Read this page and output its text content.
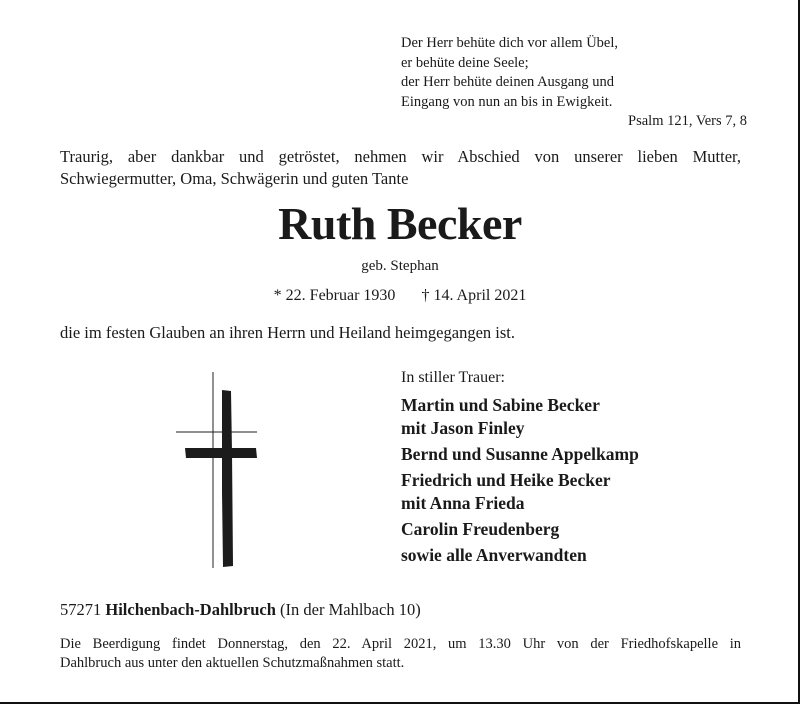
Der Herr behüte dich vor allem Übel,
er behüte deine Seele;
der Herr behüte deinen Ausgang und
Eingang von nun an bis in Ewigkeit.
Psalm 121, Vers 7, 8
Traurig, aber dankbar und getröstet, nehmen wir Abschied von unserer lieben Mutter,
Schwiegermutter, Oma, Schwägerin und guten Tante
Ruth Becker
geb. Stephan
* 22. Februar 1930 † 14. April 2021
die im festen Glauben an ihren Herrn und Heiland heimgegangen ist.
In stiller Trauer:
Martin und Sabine Becker
mit Jason Finley
Bernd und Susanne Appelkamp
Friedrich und Heike Becker
mit Anna Frieda
Carolin Freudenberg
sowie alle Anverwandten
57271 Hilchenbach-Dahlbruch (In der Mahlbach 10)
Die Beerdigung findet Donnerstag, den 22. April 2021, um 13.30 Uhr von der Friedhofskapelle in
Dahlbruch aus unter den aktuellen Schutzmaßnahmen statt.
